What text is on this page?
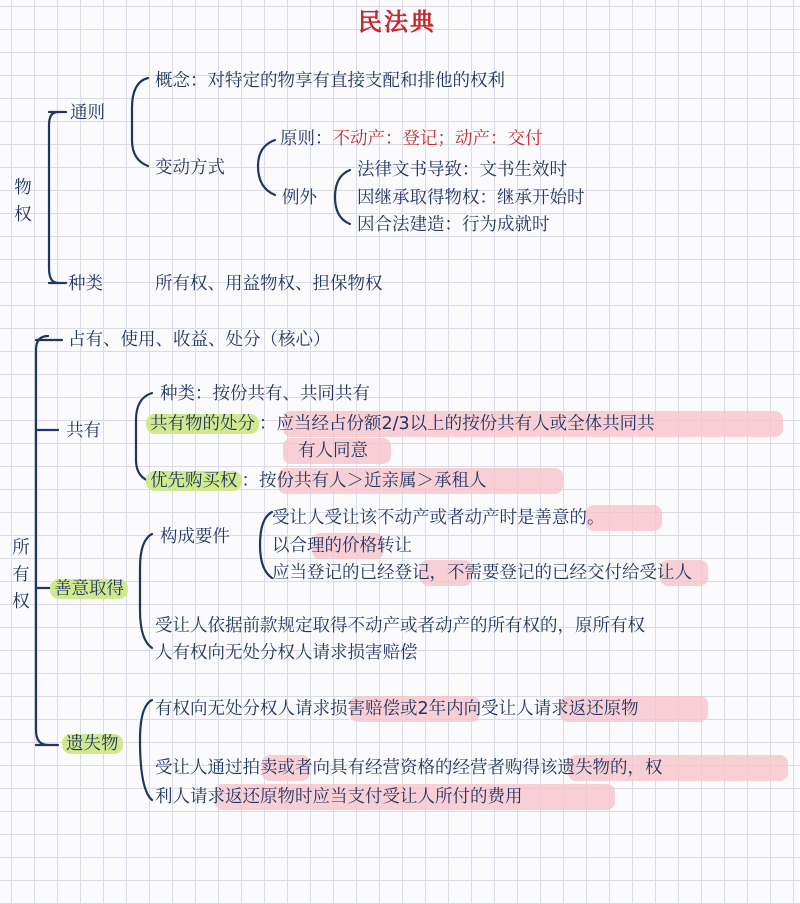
民法典
物权
通则
概念：对特定的物享有直接支配和排他的权利
变动方式
原则：不动产：登记；动产：交付
例外
法律文书导致：文书生效时
因继承取得物权：继承开始时
因合法建造：行为成就时
种类	所有权、用益物权、担保物权
所有权
占有、使用、收益、处分（核心）
共有
种类：按份共有、共同共有
共有物的处分 ：应当经占份额2/3以上的按份共有人或全体共同共
有人同意
优先购买权 ：按份共有人＞近亲属＞承租人
善意取得
构成要件
受让人受让该不动产或者动产时是善意的。
以合理的价格转让
应当登记的已经登记，不需要登记的已经交付给受让人
受让人依据前款规定取得不动产或者动产的所有权的，原所有权
人有权向无处分权人请求损害赔偿
遗失物
有权向无处分权人请求损害赔偿或2年内向受让人请求返还原物
受让人通过拍卖或者向具有经营资格的经营者购得该遗失物的，权
利人请求返还原物时应当支付受让人所付的费用
